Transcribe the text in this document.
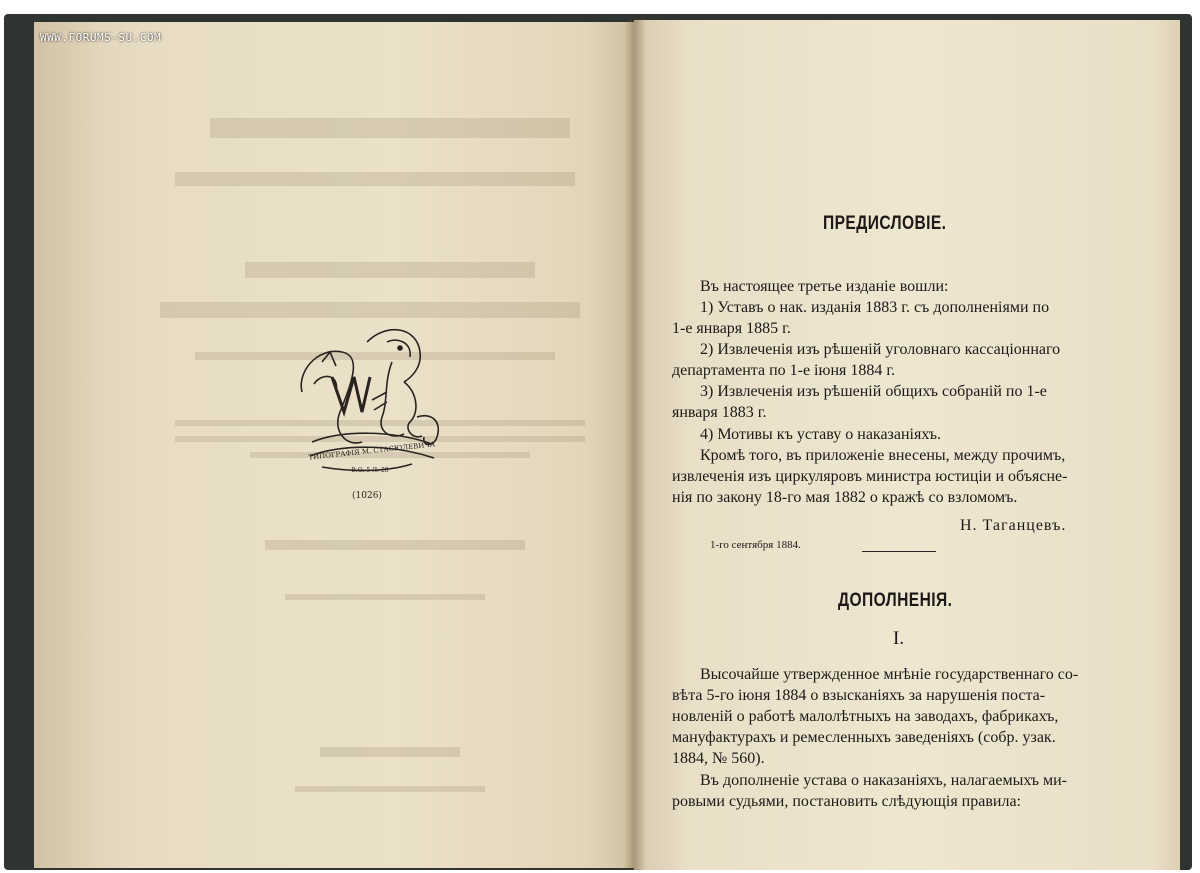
WWW.FORUMS-SU.COM
ТИПОГРАФІЯ М. СТАСЮЛЕВИЧА
В.О. 5 Л. 28
(1026)
ПРЕДИСЛОВІЕ.
Въ настоящее третье изданіе вошли:
1) Уставъ о нак. изданія 1883 г. съ дополненіями по
1-е января 1885 г.
2) Извлеченія изъ рѣшеній уголовнаго кассаціоннаго
департамента по 1-е іюня 1884 г.
3) Извлеченія изъ рѣшеній общихъ собраній по 1-е
января 1883 г.
4) Мотивы къ уставу о наказаніяхъ.
Кромѣ того, въ приложеніе внесены, между прочимъ,
извлеченія изъ циркуляровъ министра юстиціи и объясне-
нія по закону 18-го мая 1882 о кражѣ со взломомъ.
Н. Таганцевъ.
1-го сентября 1884.
ДОПОЛНЕНІЯ.
I.
Высочайше утвержденное мнѣніе государственнаго со-
вѣта 5-го іюня 1884 о взысканіяхъ за нарушенія поста-
новленій о работѣ малолѣтныхъ на заводахъ, фабрикахъ,
мануфактурахъ и ремесленныхъ заведеніяхъ (собр. узак.
1884, № 560).
Въ дополненіе устава о наказаніяхъ, налагаемыхъ ми-
ровыми судьями, постановить слѣдующія правила:
